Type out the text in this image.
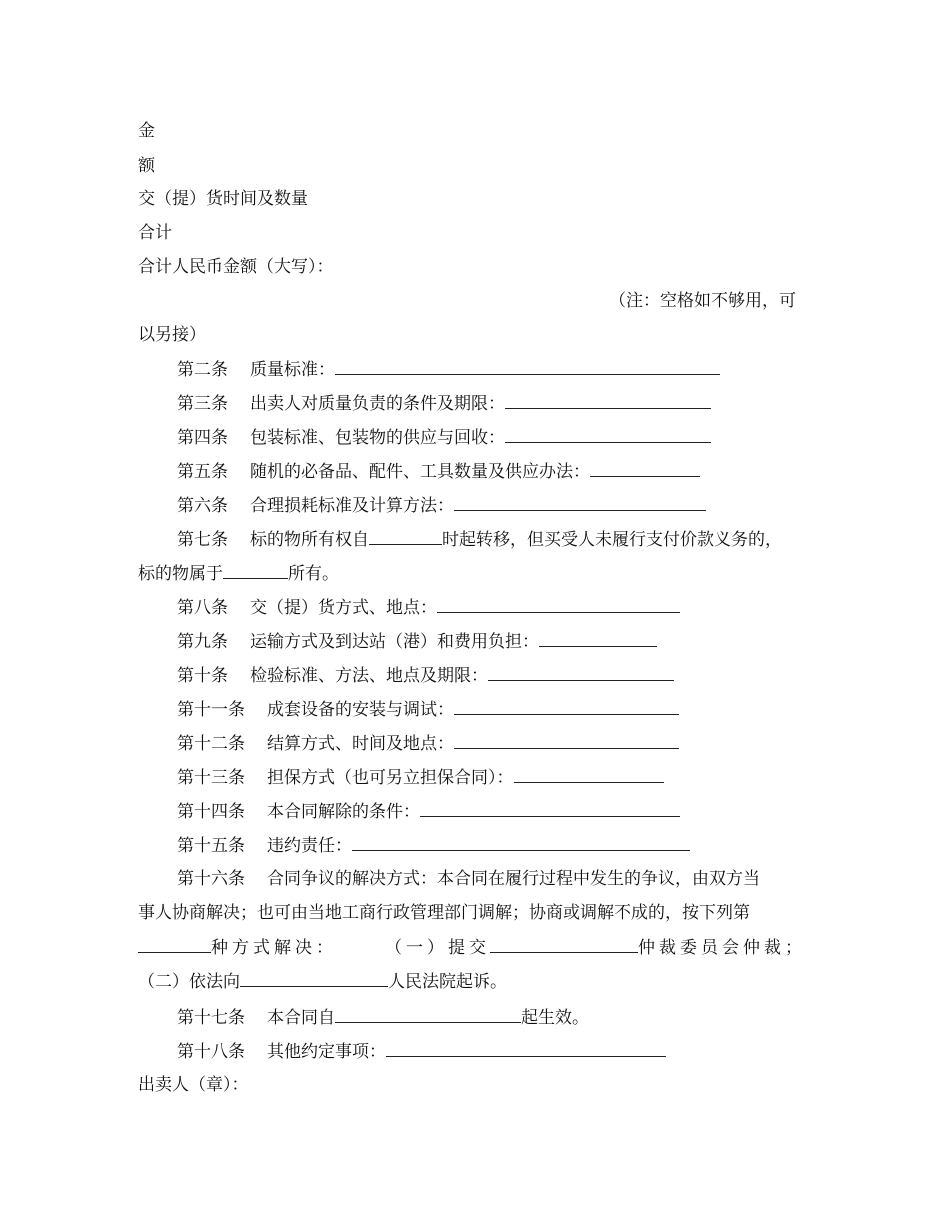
金
额
交（提）货时间及数量
合计
合计人民币金额（大写）：
（注：空格如不够用，可
以另接）
第二条 质量标准：
第三条 出卖人对质量负责的条件及期限：
第四条 包装标准、包装物的供应与回收：
第五条 随机的必备品、配件、工具数量及供应办法：
第六条 合理损耗标准及计算方法：
第七条 标的物所有权自	时起转移，但买受人未履行支付价款义务的，
标的物属于	所有。
第八条 交（提）货方式、地点：
第九条 运输方式及到达站（港）和费用负担：
第十条 检验标准、方法、地点及期限：
第十一条 成套设备的安装与调试：
第十二条 结算方式、时间及地点：
第十三条 担保方式（也可另立担保合同）：
第十四条 本合同解除的条件：
第十五条 违约责任：
第十六条 合同争议的解决方式：本合同在履行过程中发生的争议，由双方当
事人协商解决；也可由当地工商行政管理部门调解；协商或调解不成的，按下列第
种方式解决：	（一）提交	仲裁委员会仲裁；
（二）依法向	人民法院起诉。
第十七条 本合同自	起生效。
第十八条 其他约定事项：
出卖人（章）：
